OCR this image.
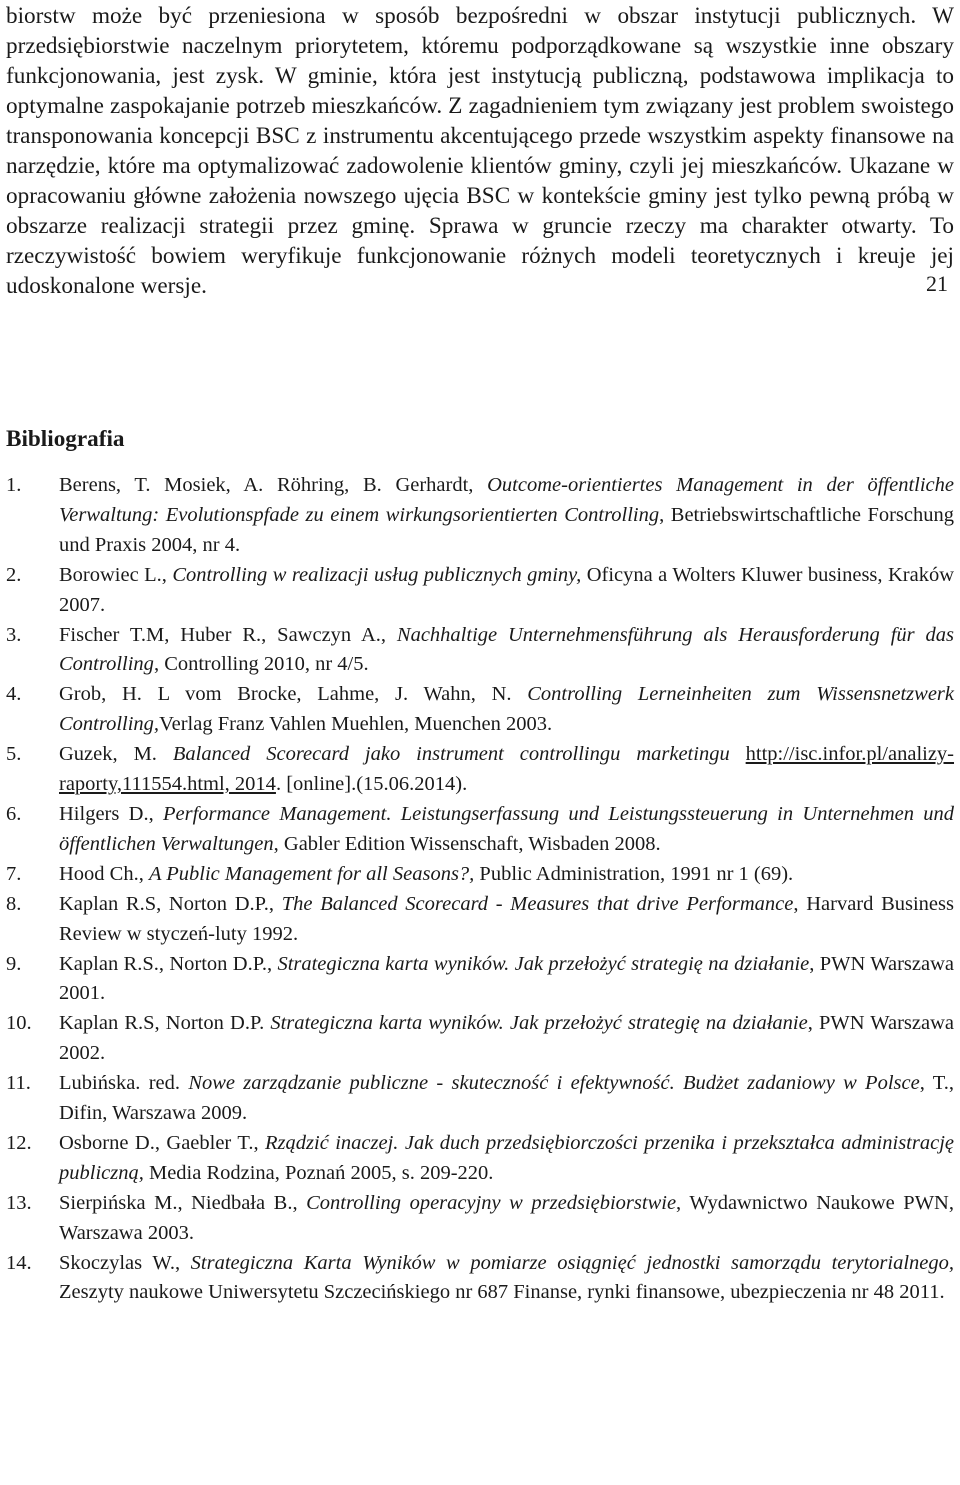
biorstw może być przeniesiona w sposób bezpośredni w obszar instytucji publicznych. W przedsiębiorstwie naczelnym priorytetem, któremu podporządkowane są wszystkie inne obszary funkcjonowania, jest zysk. W gminie, która jest instytucją publiczną, podstawowa implikacja to optymalne zaspokajanie potrzeb mieszkańców. Z zagadnieniem tym związany jest problem swoistego transponowania koncepcji BSC z instrumentu akcentującego przede wszystkim aspekty finansowe na narzędzie, które ma optymalizować zadowolenie klientów gminy, czyli jej mieszkańców. Ukazane w opracowaniu główne założenia nowszego ujęcia BSC w kontekście gminy jest tylko pewną próbą w obszarze realizacji strategii przez gminę. Sprawa w gruncie rzeczy ma charakter otwarty. To rzeczywistość bowiem weryfikuje funkcjonowanie różnych modeli teoretycznych i kreuje jej udoskonalone wersje.

Bibliografia
1. Berens, T. Mosiek, A. Röhring, B. Gerhardt, Outcome-orientiertes Management in der öffentliche Verwaltung: Evolutionspfade zu einem wirkungsorientierten Controlling, Betriebswirtschaftliche Forschung und Praxis 2004, nr 4.
2. Borowiec L., Controlling w realizacji usług publicznych gminy, Oficyna a Wolters Kluwer business, Kraków 2007.
3. Fischer T.M, Huber R., Sawczyn A., Nachhaltige Unternehmensführung als Herausforderung für das Controlling, Controlling 2010, nr 4/5.
4. Grob, H. L vom Brocke, Lahme, J. Wahn, N. Controlling Lerneinheiten zum Wissensnetzwerk Controlling,Verlag Franz Vahlen Muehlen, Muenchen 2003.
5. Guzek, M. Balanced Scorecard jako instrument controllingu marketingu http://isc.infor.pl/analizy-raporty,111554.html, 2014. [online].(15.06.2014).
6. Hilgers D., Performance Management. Leistungserfassung und Leistungssteuerung in Unternehmen und öffentlichen Verwaltungen, Gabler Edition Wissenschaft, Wisbaden 2008.
7. Hood Ch., A Public Management for all Seasons?, Public Administration, 1991 nr 1 (69).
8. Kaplan R.S, Norton D.P., The Balanced Scorecard - Measures that drive Performance, Harvard Business Review w styczeń-luty 1992.
9. Kaplan R.S., Norton D.P., Strategiczna karta wyników. Jak przełożyć strategię na działanie, PWN Warszawa 2001.
10. Kaplan R.S, Norton D.P. Strategiczna karta wyników. Jak przełożyć strategię na działanie, PWN Warszawa 2002.
11. Lubińska. red. Nowe zarządzanie publiczne - skuteczność i efektywność. Budżet zadaniowy w Polsce, T., Difin, Warszawa 2009.
12. Osborne D., Gaebler T., Rządzić inaczej. Jak duch przedsiębiorczości przenika i przekształca administrację publiczną, Media Rodzina, Poznań 2005, s. 209-220.
13. Sierpińska M., Niedbała B., Controlling operacyjny w przedsiębiorstwie, Wydawnictwo Naukowe PWN, Warszawa 2003.
14. Skoczylas W., Strategiczna Karta Wyników w pomiarze osiągnięć jednostki samorządu terytorialnego, Zeszyty naukowe Uniwersytetu Szczecińskiego nr 687 Finanse, rynki finansowe, ubezpieczenia nr 48 2011.
21
